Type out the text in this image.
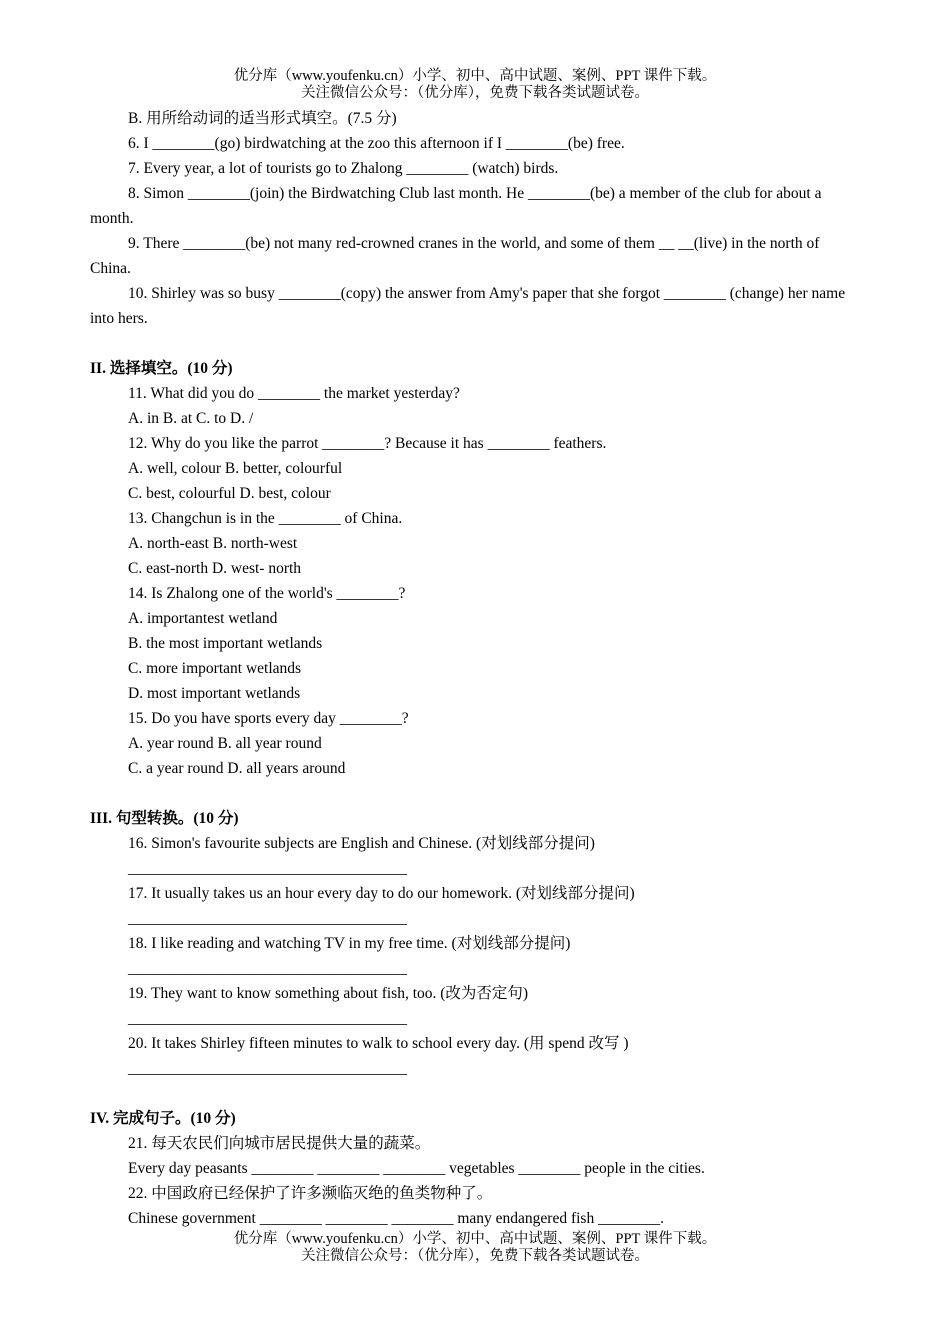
优分库（www.youfenku.cn）小学、初中、高中试题、案例、PPT 课件下载。
关注微信公众号：（优分库），免费下载各类试题试卷。
B. 用所给动词的适当形式填空。(7.5 分)
6. I ________(go) birdwatching at the zoo this afternoon if I ________(be) free.
7. Every year, a lot of tourists go to Zhalong ________ (watch) birds.
8. Simon ________(join) the Birdwatching Club last month. He ________(be) a member of the club for about a month.
9. There ________(be) not many red-crowned cranes in the world, and some of them __ __(live) in the north of China.
10. Shirley was so busy ________(copy) the answer from Amy's paper that she forgot ________ (change) her name into hers.
II. 选择填空。(10 分)
11. What did you do ________ the market yesterday?
A. in B. at C. to D. /
12. Why do you like the parrot ________? Because it has ________ feathers.
A. well, colour B. better, colourful
C. best, colourful D. best, colour
13. Changchun is in the ________ of China.
A. north-east B. north-west
C. east-north D. west- north
14. Is Zhalong one of the world's ________?
A. importantest wetland
B. the most important wetlands
C. more important wetlands
D. most important wetlands
15. Do you have sports every day ________?
A. year round B. all year round
C. a year round D. all years around
III. 句型转换。(10 分)
16. Simon's favourite subjects are English and Chinese. (对划线部分提问)
____________________________________
17. It usually takes us an hour every day to do our homework. (对划线部分提问)
____________________________________
18. I like reading and watching TV in my free time. (对划线部分提问)
____________________________________
19. They want to know something about fish, too. (改为否定句)
____________________________________
20. It takes Shirley fifteen minutes to walk to school every day. (用 spend 改写 )
____________________________________
IV. 完成句子。(10 分)
21. 每天农民们向城市居民提供大量的蔬菜。
Every day peasants ________ ________ ________ vegetables ________ people in the cities.
22. 中国政府已经保护了许多濒临灭绝的鱼类物种了。
Chinese government ________ ________ ________ many endangered fish ________.
优分库（www.youfenku.cn）小学、初中、高中试题、案例、PPT 课件下载。
关注微信公众号：（优分库），免费下载各类试题试卷。
